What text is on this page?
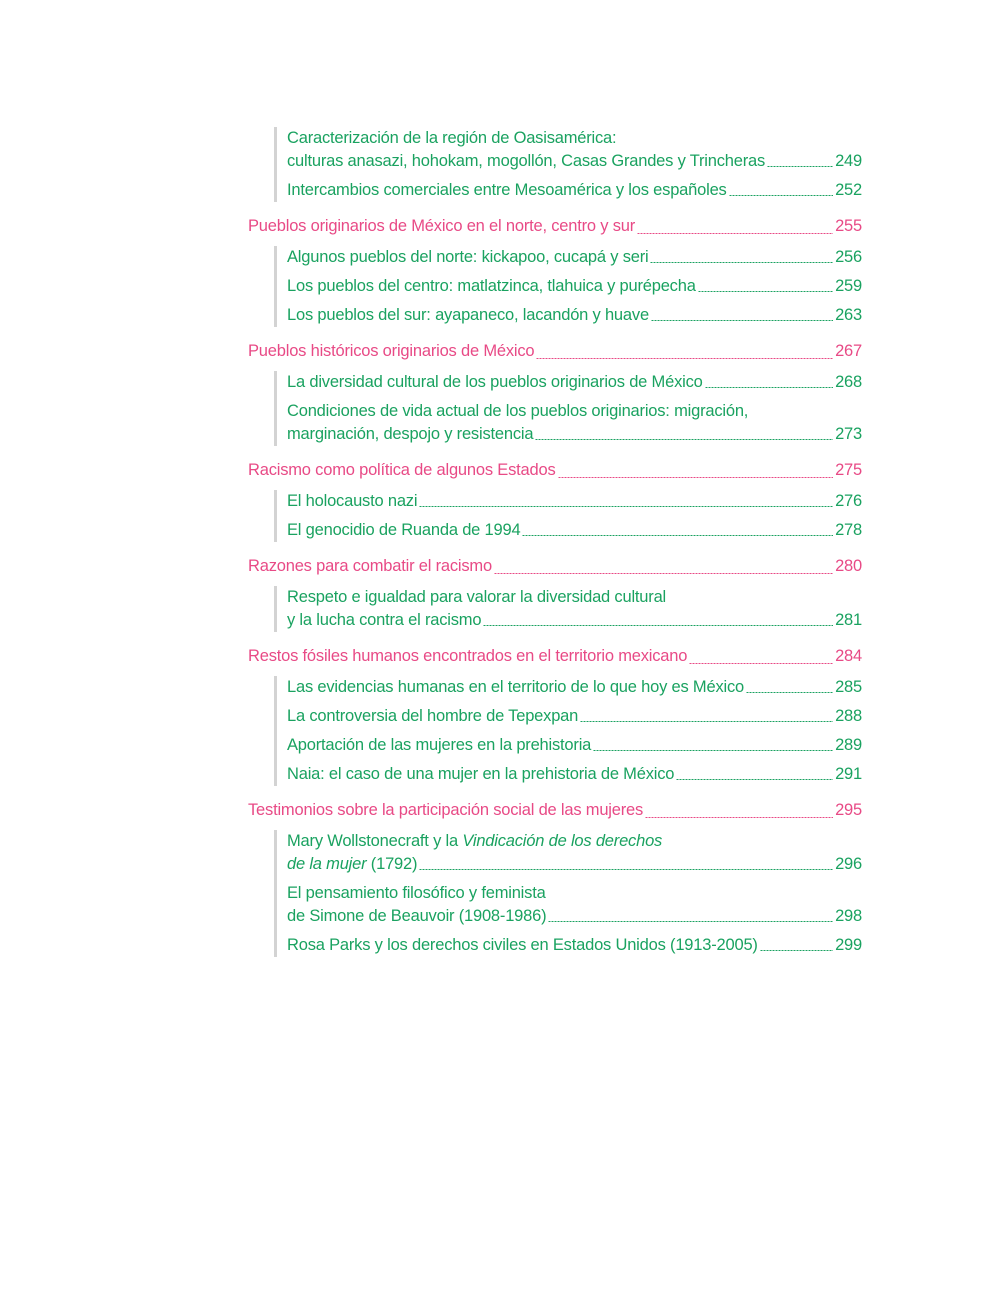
Caracterización de la región de Oasisamérica:
culturas anasazi, hohokam, mogollón, Casas Grandes y Trincheras	249
Intercambios comerciales entre Mesoamérica y los españoles	252
Pueblos originarios de México en el norte, centro y sur	255
Algunos pueblos del norte: kickapoo, cucapá y seri	256
Los pueblos del centro: matlatzinca, tlahuica y purépecha	259
Los pueblos del sur: ayapaneco, lacandón y huave	263
Pueblos históricos originarios de México	267
La diversidad cultural de los pueblos originarios de México	268
Condiciones de vida actual de los pueblos originarios: migración,
marginación, despojo y resistencia	273
Racismo como política de algunos Estados	275
El holocausto nazi	276
El genocidio de Ruanda de 1994	278
Razones para combatir el racismo	280
Respeto e igualdad para valorar la diversidad cultural
y la lucha contra el racismo	281
Restos fósiles humanos encontrados en el territorio mexicano	284
Las evidencias humanas en el territorio de lo que hoy es México	285
La controversia del hombre de Tepexpan	288
Aportación de las mujeres en la prehistoria	289
Naia: el caso de una mujer en la prehistoria de México	291
Testimonios sobre la participación social de las mujeres	295
Mary Wollstonecraft y la Vindicación de los derechos
de la mujer (1792)	296
El pensamiento filosófico y feminista
de Simone de Beauvoir (1908-1986)	298
Rosa Parks y los derechos civiles en Estados Unidos (1913-2005)	299
